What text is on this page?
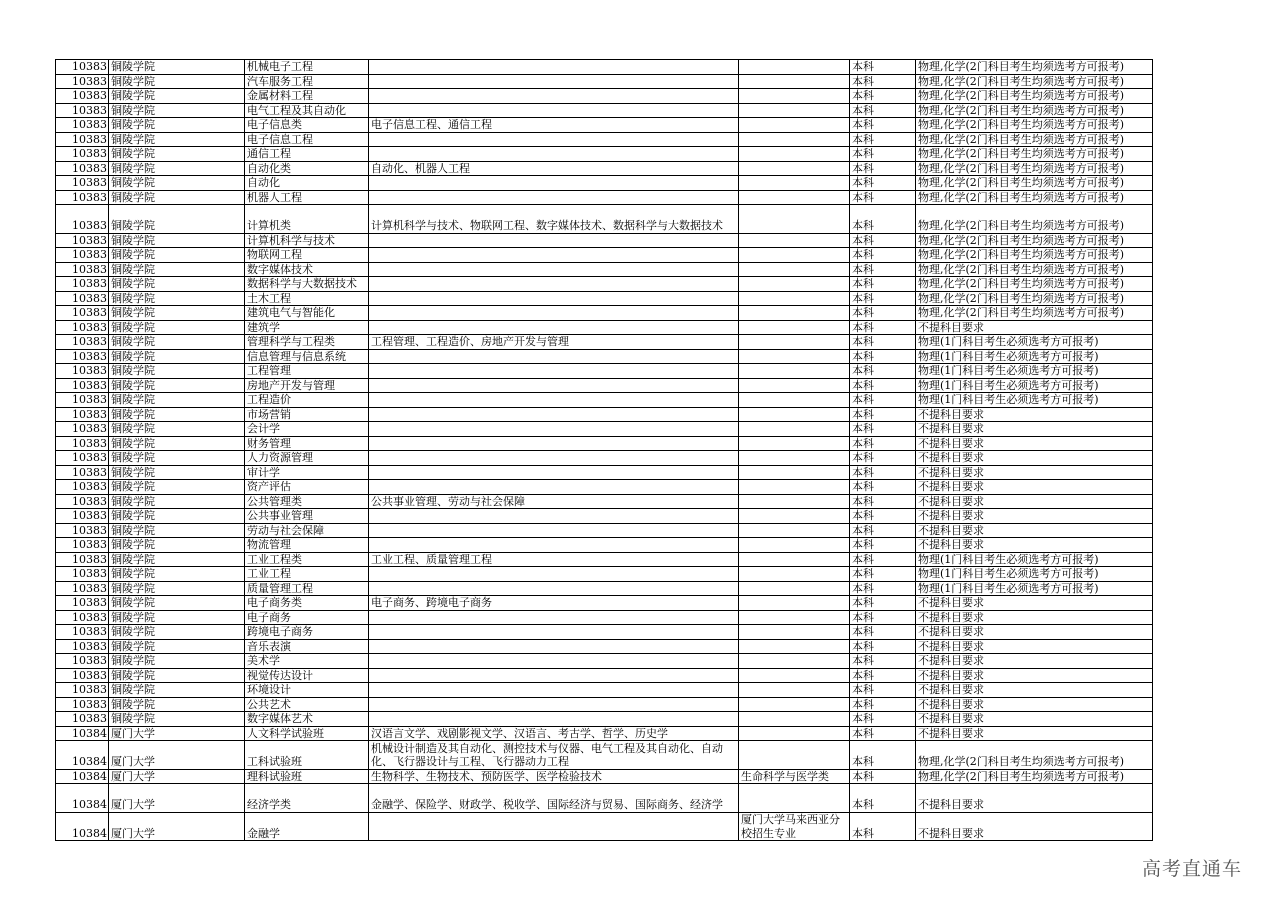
10383	铜陵学院	机械电子工程			本科	物理,化学(2门科目考生均须选考方可报考)
10383	铜陵学院	汽车服务工程			本科	物理,化学(2门科目考生均须选考方可报考)
10383	铜陵学院	金属材料工程			本科	物理,化学(2门科目考生均须选考方可报考)
10383	铜陵学院	电气工程及其自动化			本科	物理,化学(2门科目考生均须选考方可报考)
10383	铜陵学院	电子信息类	电子信息工程、通信工程		本科	物理,化学(2门科目考生均须选考方可报考)
10383	铜陵学院	电子信息工程			本科	物理,化学(2门科目考生均须选考方可报考)
10383	铜陵学院	通信工程			本科	物理,化学(2门科目考生均须选考方可报考)
10383	铜陵学院	自动化类	自动化、机器人工程		本科	物理,化学(2门科目考生均须选考方可报考)
10383	铜陵学院	自动化			本科	物理,化学(2门科目考生均须选考方可报考)
10383	铜陵学院	机器人工程			本科	物理,化学(2门科目考生均须选考方可报考)
10383	铜陵学院	计算机类	计算机科学与技术、物联网工程、数字媒体技术、数据科学与大数据技术		本科	物理,化学(2门科目考生均须选考方可报考)
10383	铜陵学院	计算机科学与技术			本科	物理,化学(2门科目考生均须选考方可报考)
10383	铜陵学院	物联网工程			本科	物理,化学(2门科目考生均须选考方可报考)
10383	铜陵学院	数字媒体技术			本科	物理,化学(2门科目考生均须选考方可报考)
10383	铜陵学院	数据科学与大数据技术			本科	物理,化学(2门科目考生均须选考方可报考)
10383	铜陵学院	土木工程			本科	物理,化学(2门科目考生均须选考方可报考)
10383	铜陵学院	建筑电气与智能化			本科	物理,化学(2门科目考生均须选考方可报考)
10383	铜陵学院	建筑学			本科	不提科目要求
10383	铜陵学院	管理科学与工程类	工程管理、工程造价、房地产开发与管理		本科	物理(1门科目考生必须选考方可报考)
10383	铜陵学院	信息管理与信息系统			本科	物理(1门科目考生必须选考方可报考)
10383	铜陵学院	工程管理			本科	物理(1门科目考生必须选考方可报考)
10383	铜陵学院	房地产开发与管理			本科	物理(1门科目考生必须选考方可报考)
10383	铜陵学院	工程造价			本科	物理(1门科目考生必须选考方可报考)
10383	铜陵学院	市场营销			本科	不提科目要求
10383	铜陵学院	会计学			本科	不提科目要求
10383	铜陵学院	财务管理			本科	不提科目要求
10383	铜陵学院	人力资源管理			本科	不提科目要求
10383	铜陵学院	审计学			本科	不提科目要求
10383	铜陵学院	资产评估			本科	不提科目要求
10383	铜陵学院	公共管理类	公共事业管理、劳动与社会保障		本科	不提科目要求
10383	铜陵学院	公共事业管理			本科	不提科目要求
10383	铜陵学院	劳动与社会保障			本科	不提科目要求
10383	铜陵学院	物流管理			本科	不提科目要求
10383	铜陵学院	工业工程类	工业工程、质量管理工程		本科	物理(1门科目考生必须选考方可报考)
10383	铜陵学院	工业工程			本科	物理(1门科目考生必须选考方可报考)
10383	铜陵学院	质量管理工程			本科	物理(1门科目考生必须选考方可报考)
10383	铜陵学院	电子商务类	电子商务、跨境电子商务		本科	不提科目要求
10383	铜陵学院	电子商务			本科	不提科目要求
10383	铜陵学院	跨境电子商务			本科	不提科目要求
10383	铜陵学院	音乐表演			本科	不提科目要求
10383	铜陵学院	美术学			本科	不提科目要求
10383	铜陵学院	视觉传达设计			本科	不提科目要求
10383	铜陵学院	环境设计			本科	不提科目要求
10383	铜陵学院	公共艺术			本科	不提科目要求
10383	铜陵学院	数字媒体艺术			本科	不提科目要求
10384	厦门大学	人文科学试验班	汉语言文学、戏剧影视文学、汉语言、考古学、哲学、历史学		本科	不提科目要求
10384	厦门大学	工科试验班	机械设计制造及其自动化、测控技术与仪器、电气工程及其自动化、自动化、飞行器设计与工程、飞行器动力工程		本科	物理,化学(2门科目考生均须选考方可报考)
10384	厦门大学	理科试验班	生物科学、生物技术、预防医学、医学检验技术	生命科学与医学类	本科	物理,化学(2门科目考生均须选考方可报考)
10384	厦门大学	经济学类	金融学、保险学、财政学、税收学、国际经济与贸易、国际商务、经济学		本科	不提科目要求
10384	厦门大学	金融学		厦门大学马来西亚分校招生专业	本科	不提科目要求
高考直通车
